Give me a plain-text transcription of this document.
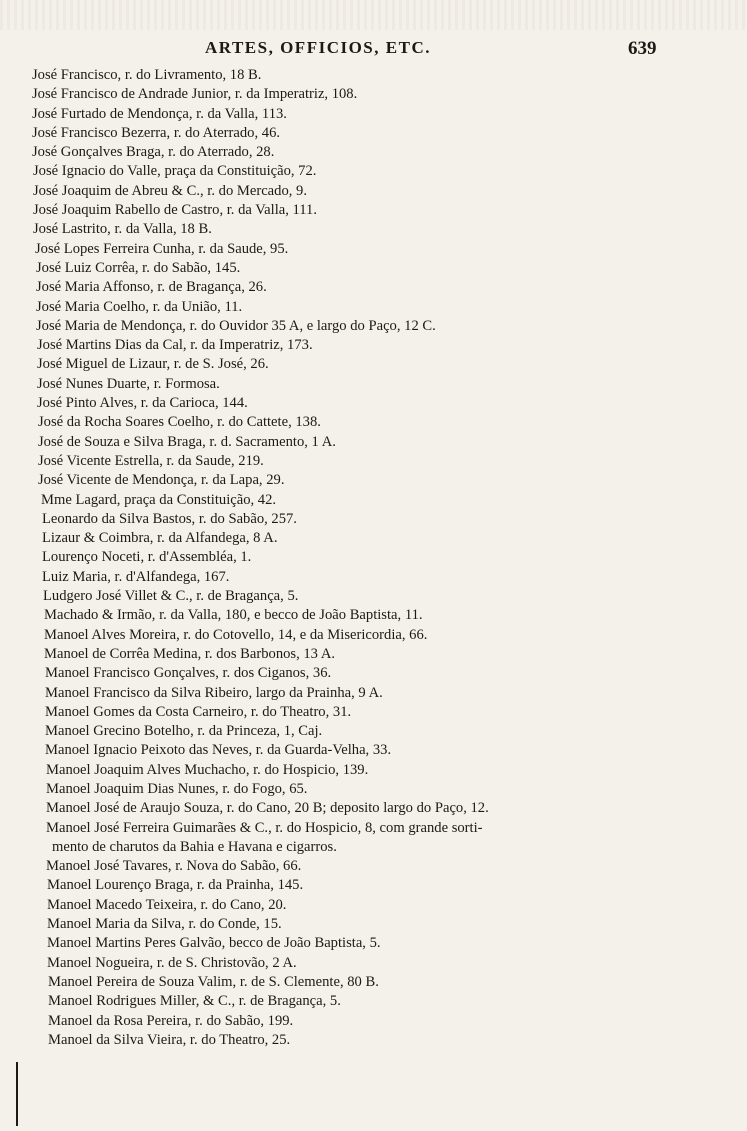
ARTES, OFFICIOS, ETC.	639
José Francisco, r. do Livramento, 18 B.
José Francisco de Andrade Junior, r. da Imperatriz, 108.
José Furtado de Mendonça, r. da Valla, 113.
José Francisco Bezerra, r. do Aterrado, 46.
José Gonçalves Braga, r. do Aterrado, 28.
José Ignacio do Valle, praça da Constituição, 72.
José Joaquim de Abreu & C., r. do Mercado, 9.
José Joaquim Rabello de Castro, r. da Valla, 111.
José Lastrito, r. da Valla, 18 B.
José Lopes Ferreira Cunha, r. da Saude, 95.
José Luiz Corrêa, r. do Sabão, 145.
José Maria Affonso, r. de Bragança, 26.
José Maria Coelho, r. da União, 11.
José Maria de Mendonça, r. do Ouvidor 35 A, e largo do Paço, 12 C.
José Martins Dias da Cal, r. da Imperatriz, 173.
José Miguel de Lizaur, r. de S. José, 26.
José Nunes Duarte, r. Formosa.
José Pinto Alves, r. da Carioca, 144.
José da Rocha Soares Coelho, r. do Cattete, 138.
José de Souza e Silva Braga, r. d. Sacramento, 1 A.
José Vicente Estrella, r. da Saude, 219.
José Vicente de Mendonça, r. da Lapa, 29.
Mme Lagard, praça da Constituição, 42.
Leonardo da Silva Bastos, r. do Sabão, 257.
Lizaur & Coimbra, r. da Alfandega, 8 A.
Lourenço Noceti, r. d'Assembléa, 1.
Luiz Maria, r. d'Alfandega, 167.
Ludgero José Villet & C., r. de Bragança, 5.
Machado & Irmão, r. da Valla, 180, e becco de João Baptista, 11.
Manoel Alves Moreira, r. do Cotovello, 14, e da Misericordia, 66.
Manoel de Corrêa Medina, r. dos Barbonos, 13 A.
Manoel Francisco Gonçalves, r. dos Ciganos, 36.
Manoel Francisco da Silva Ribeiro, largo da Prainha, 9 A.
Manoel Gomes da Costa Carneiro, r. do Theatro, 31.
Manoel Grecino Botelho, r. da Princeza, 1, Caj.
Manoel Ignacio Peixoto das Neves, r. da Guarda-Velha, 33.
Manoel Joaquim Alves Muchacho, r. do Hospicio, 139.
Manoel Joaquim Dias Nunes, r. do Fogo, 65.
Manoel José de Araujo Souza, r. do Cano, 20 B; deposito largo do Paço, 12.
Manoel José Ferreira Guimarães & C., r. do Hospicio, 8, com grande sorti-
mento de charutos da Bahia e Havana e cigarros.
Manoel José Tavares, r. Nova do Sabão, 66.
Manoel Lourenço Braga, r. da Prainha, 145.
Manoel Macedo Teixeira, r. do Cano, 20.
Manoel Maria da Silva, r. do Conde, 15.
Manoel Martins Peres Galvão, becco de João Baptista, 5.
Manoel Nogueira, r. de S. Christovão, 2 A.
Manoel Pereira de Souza Valim, r. de S. Clemente, 80 B.
Manoel Rodrigues Miller, & C., r. de Bragança, 5.
Manoel da Rosa Pereira, r. do Sabão, 199.
Manoel da Silva Vieira, r. do Theatro, 25.
